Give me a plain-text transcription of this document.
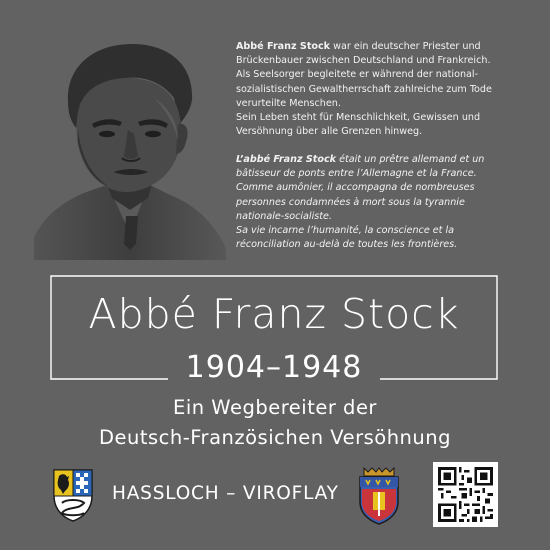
Abbé Franz Stock war ein deutscher Priester und Brückenbauer zwischen Deutschland und Frankreich. Als Seelsorger begleitete er während der national-sozialistischen Gewaltherrschaft zahlreiche zum Tode verurteilte Menschen.

Sein Leben steht für Menschlichkeit, Gewissen und Versöhnung über alle Grenzen hinweg.

L’abbé Franz Stock était un prêtre allemand et un bâtisseur de ponts entre l’Allemagne et la France. Comme aumônier, il accompagna de nombreuses personnes condamnées à mort sous la tyrannie nationale-socialiste.

Sa vie incarne l’humanité, la conscience et la réconciliation au-delà de toutes les frontières.

Abbé Franz Stock
1904–1948
Ein Wegbereiter der
Deutsch-Französichen Versöhnung
HASSLOCH – VIROFLAY
